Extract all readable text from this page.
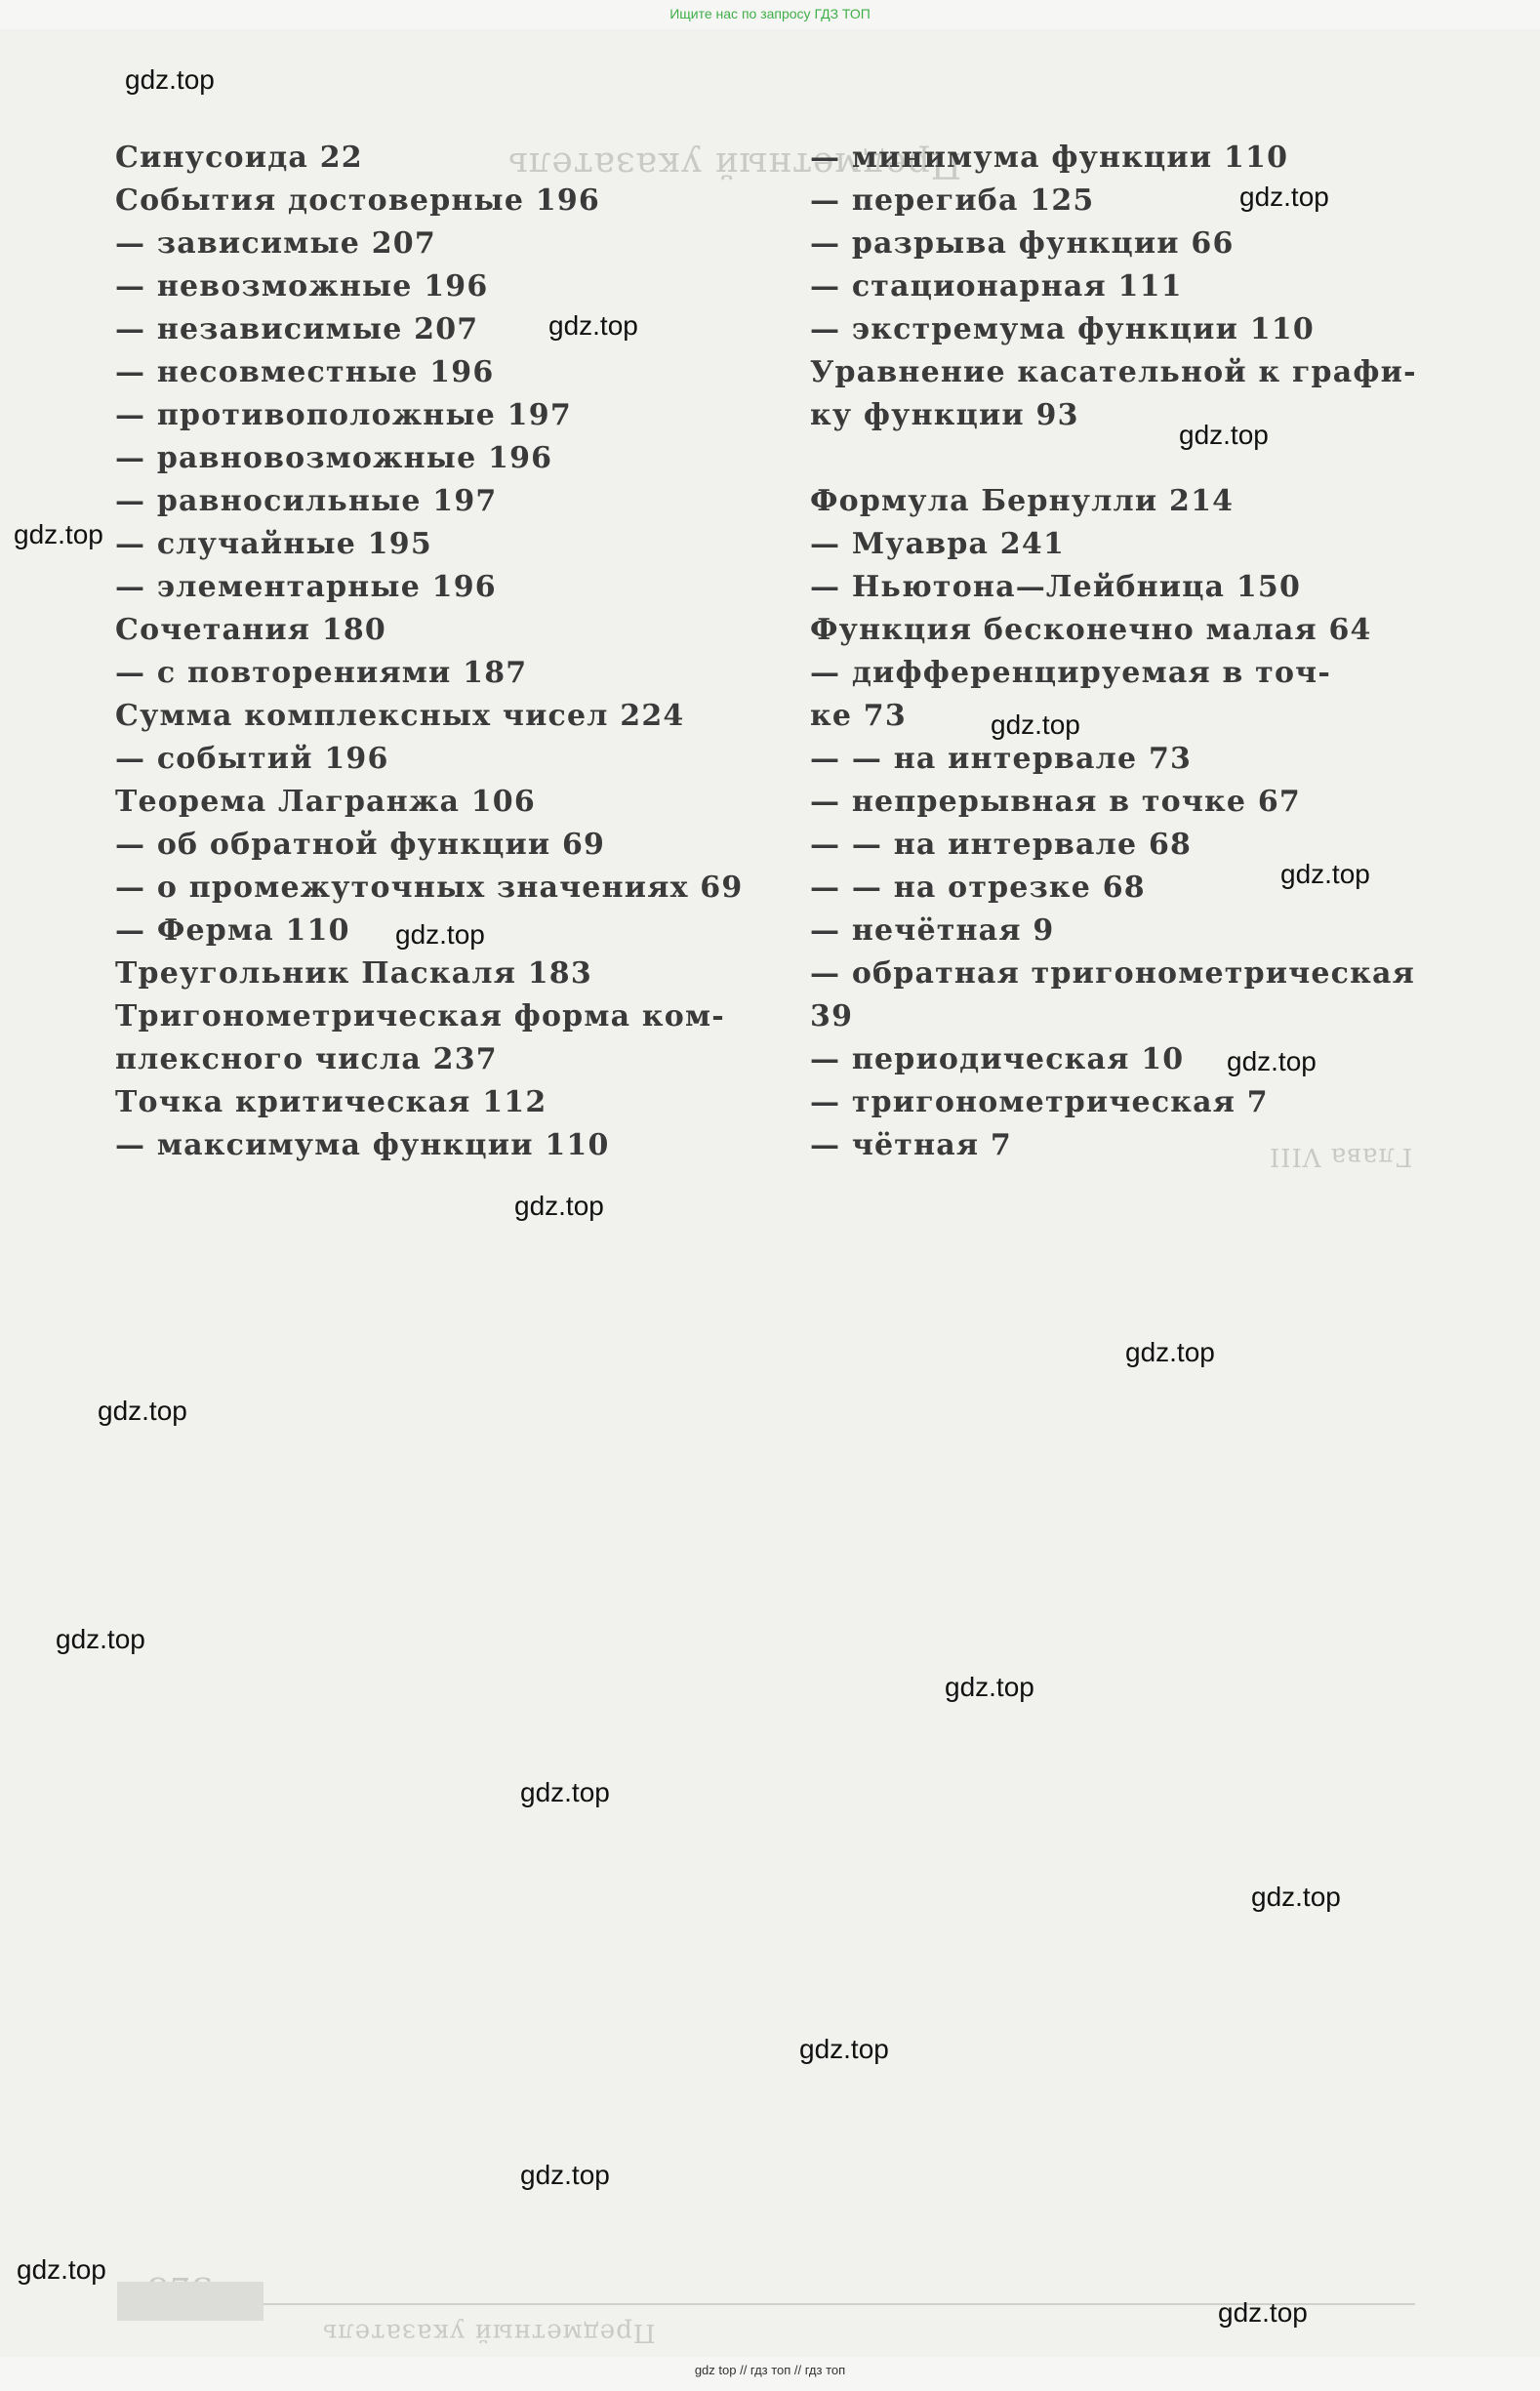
Ищите нас по запросу ГДЗ ТОП
Предметный указатель
Глава VIII
Предметный указатель
Синусоида 22
События достоверные 196
— зависимые 207
— невозможные 196
— независимые 207
— несовместные 196
— противоположные 197
— равновозможные 196
— равносильные 197
— случайные 195
— элементарные 196
Сочетания 180
— с повторениями 187
Сумма комплексных чисел 224
— событий 196
Теорема Лагранжа 106
— об обратной функции 69
— о промежуточных значениях 69
— Ферма 110
Треугольник Паскаля 183
Тригонометрическая форма ком-
плексного числа 237
Точка критическая 112
— максимума функции 110
— минимума функции 110
— перегиба 125
— разрыва функции 66
— стационарная 111
— экстремума функции 110
Уравнение касательной к графи-
ку функции 93
Формула Бернулли 214
— Муавра 241
— Ньютона—Лейбница 150
Функция бесконечно малая 64
— дифференцируемая в точ-
ке 73
— — на интервале 73
— непрерывная в точке 67
— — на интервале 68
— — на отрезке 68
— нечётная 9
— обратная тригонометрическая
39
— периодическая 10
— тригонометрическая 7
— чётная 7
gdz.top
gdz.top
gdz.top
gdz.top
gdz.top
gdz.top
gdz.top
gdz.top
gdz.top
gdz.top
gdz.top
gdz.top
gdz.top
gdz.top
gdz.top
gdz.top
gdz.top
gdz.top
gdz.top
gdz.top
gdz top // гдз топ // гдз топ
